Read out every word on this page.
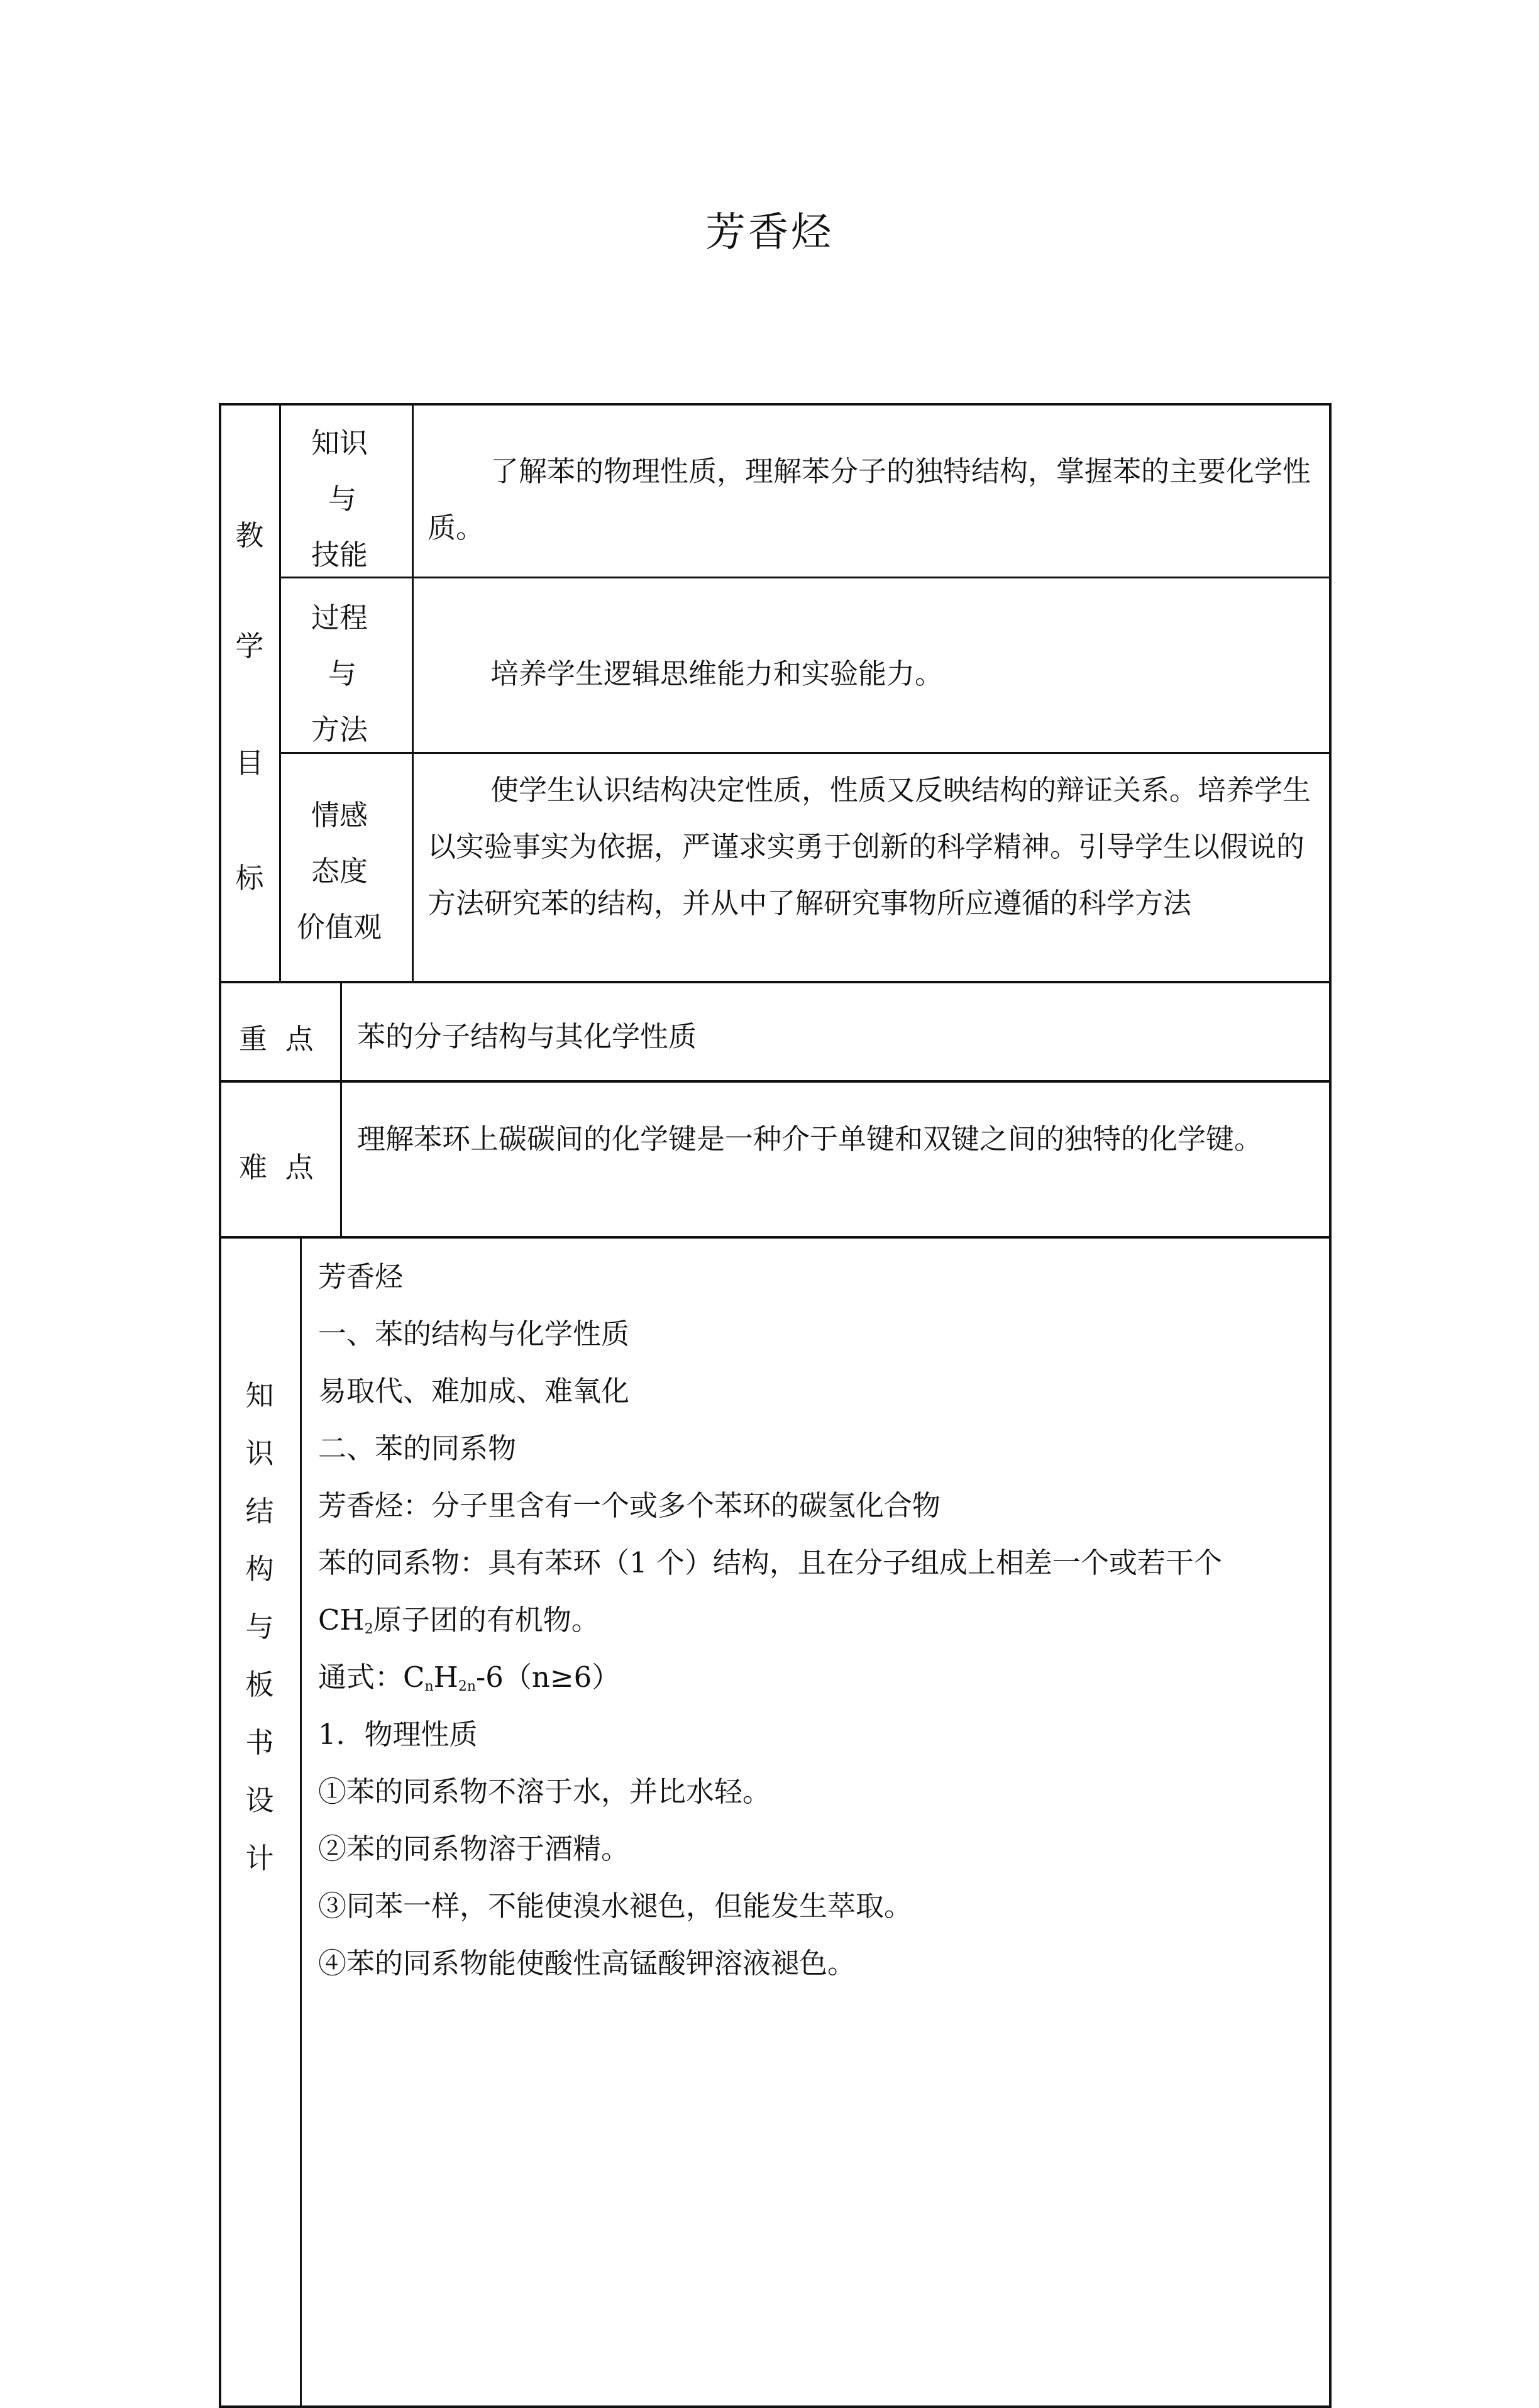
芳香烃
教
学
目
标
知识
与
技能
了解苯的物理性质，理解苯分子的独特结构，掌握苯的主要化学性质。
过程
与
方法
培养学生逻辑思维能力和实验能力。
情感
态度
价值观
使学生认识结构决定性质，性质又反映结构的辩证关系。培养学生以实验事实为依据，严谨求实勇于创新的科学精神。引导学生以假说的方法研究苯的结构，并从中了解研究事物所应遵循的科学方法
重  点 苯的分子结构与其化学性质
难  点
理解苯环上碳碳间的化学键是一种介于单键和双键之间的独特的化学键。
知
识
结
构
与
板
书
设
计
芳香烃
一、苯的结构与化学性质
易取代、难加成、难氧化
二、苯的同系物
芳香烃：分子里含有一个或多个苯环的碳氢化合物
苯的同系物：具有苯环（1 个）结构，且在分子组成上相差一个或若干个
$CH_2$原子团的有机物。
通式：$C_nH_{2n}-6(n\ge 6)$
1．物理性质
①苯的同系物不溶于水，并比水轻。
②苯的同系物溶于酒精。
③同苯一样，不能使溴水褪色，但能发生萃取。
④苯的同系物能使酸性高锰酸钾溶液褪色。
